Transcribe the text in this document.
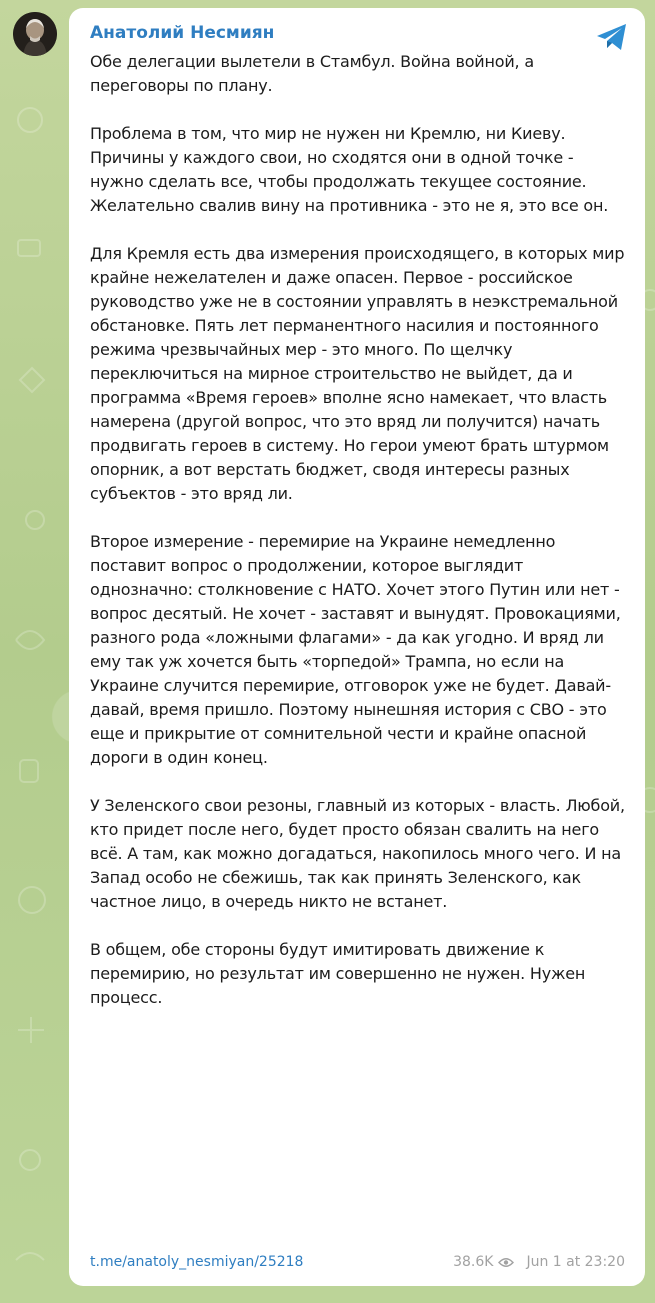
Анатолий Несмиян

Обе делегации вылетели в Стамбул. Война войной, а переговоры по плану.

Проблема в том, что мир не нужен ни Кремлю, ни Киеву. Причины у каждого свои, но сходятся они в одной точке - нужно сделать все, чтобы продолжать текущее состояние. Желательно свалив вину на противника - это не я, это все он.

Для Кремля есть два измерения происходящего, в которых мир крайне нежелателен и даже опасен. Первое - российское руководство уже не в состоянии управлять в неэкстремальной обстановке. Пять лет перманентного насилия и постоянного режима чрезвычайных мер - это много. По щелчку переключиться на мирное строительство не выйдет, да и программа «Время героев» вполне ясно намекает, что власть намерена (другой вопрос, что это вряд ли получится) начать продвигать героев в систему. Но герои умеют брать штурмом опорник, а вот верстать бюджет, сводя интересы разных субъектов - это вряд ли.

Второе измерение - перемирие на Украине немедленно поставит вопрос о продолжении, которое выглядит однозначно: столкновение с НАТО. Хочет этого Путин или нет - вопрос десятый. Не хочет - заставят и вынудят. Провокациями, разного рода «ложными флагами» - да как угодно. И вряд ли ему так уж хочется быть «торпедой» Трампа, но если на Украине случится перемирие, отговорок уже не будет. Давай-давай, время пришло. Поэтому нынешняя история с СВО - это еще и прикрытие от сомнительной чести и крайне опасной дороги в один конец.

У Зеленского свои резоны, главный из которых - власть. Любой, кто придет после него, будет просто обязан свалить на него всё. А там, как можно догадаться, накопилось много чего. И на Запад особо не сбежишь, так как принять Зеленского, как частное лицо, в очередь никто не встанет.

В общем, обе стороны будут имитировать движение к перемирию, но результат им совершенно не нужен. Нужен процесс.

t.me/anatoly_nesmiyan/25218	38.6K Jun 1 at 23:20
